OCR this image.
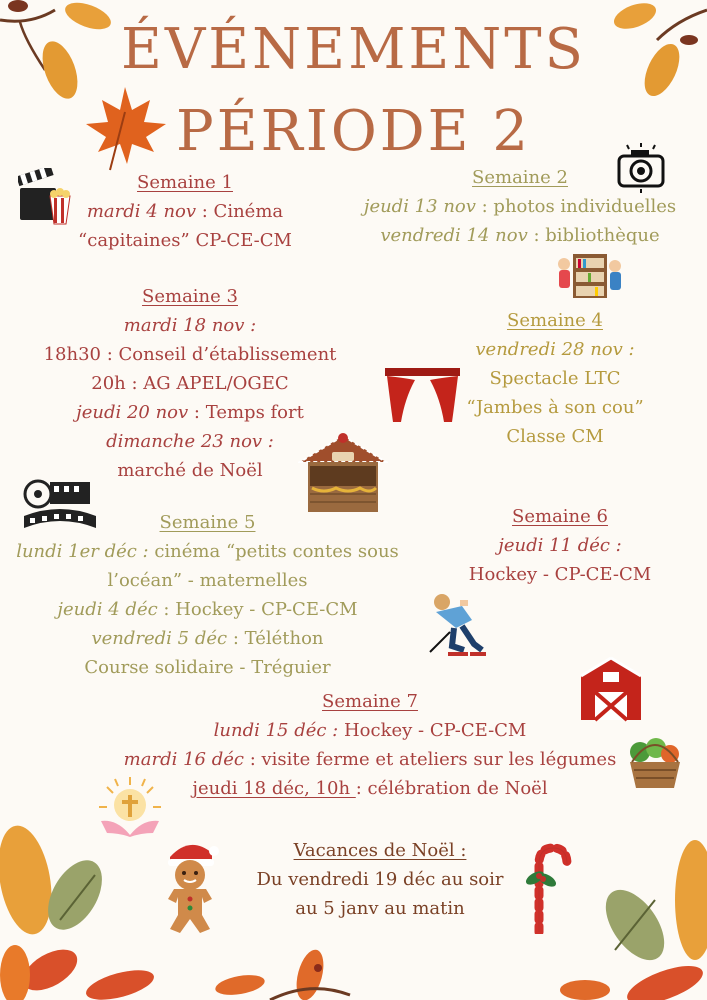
ÉVÉNEMENTS
PÉRIODE 2

Semaine 1

mardi 4 nov : Cinéma

“capitaines” CP-CE-CM

Semaine 2

jeudi 13 nov : photos individuelles

vendredi 14 nov : bibliothèque

Semaine 3

mardi 18 nov :

18h30 : Conseil d’établissement

20h : AG APEL/OGEC

jeudi 20 nov : Temps fort

dimanche 23 nov :

marché de Noël

Semaine 4

vendredi 28 nov :

Spectacle LTC

“Jambes à son cou”

Classe CM

Semaine 5

lundi 1er déc : cinéma “petits contes sous

l’océan” - maternelles

jeudi 4 déc : Hockey - CP-CE-CM

vendredi 5 déc : Téléthon

Course solidaire - Tréguier

Semaine 6

jeudi 11 déc :

Hockey - CP-CE-CM

Semaine 7

lundi 15 déc : Hockey - CP-CE-CM

mardi 16 déc : visite ferme et ateliers sur les légumes

jeudi 18 déc, 10h : célébration de Noël

Vacances de Noël :

Du vendredi 19 déc au soir

au 5 janv au matin
